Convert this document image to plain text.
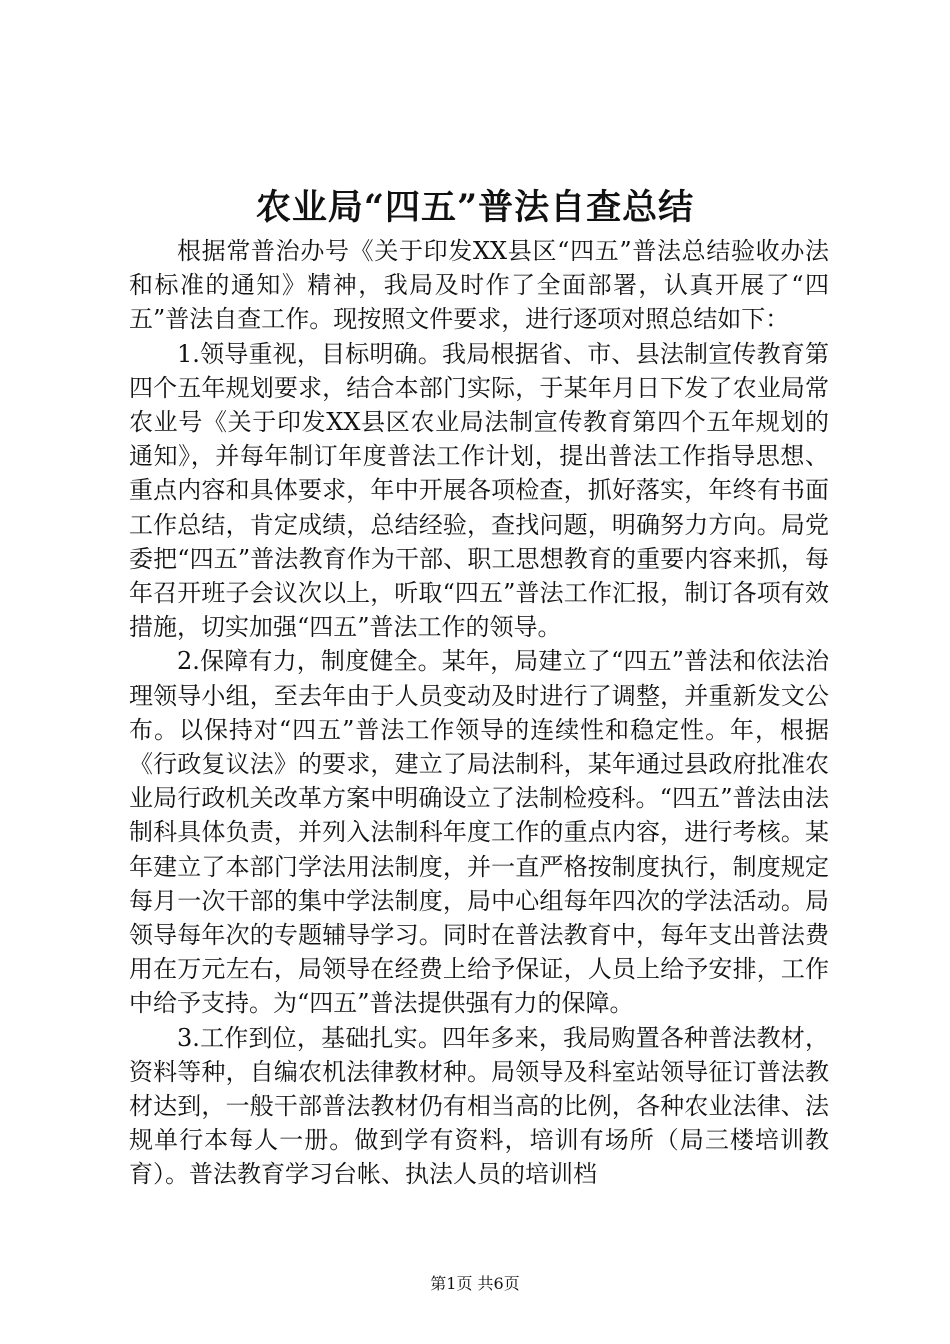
农业局“四五”普法自查总结

根据常普治办号《关于印发XX县区“四五”普法总结验收办法和标准的通知》精神，我局及时作了全面部署，认真开展了“四五”普法自查工作。现按照文件要求，进行逐项对照总结如下：

1.领导重视，目标明确。我局根据省、市、县法制宣传教育第四个五年规划要求，结合本部门实际，于某年月日下发了农业局常农业号《关于印发XX县区农业局法制宣传教育第四个五年规划的通知》，并每年制订年度普法工作计划，提出普法工作指导思想、重点内容和具体要求，年中开展各项检查，抓好落实，年终有书面工作总结，肯定成绩，总结经验，查找问题，明确努力方向。局党委把“四五”普法教育作为干部、职工思想教育的重要内容来抓，每年召开班子会议次以上，听取“四五”普法工作汇报，制订各项有效措施，切实加强“四五”普法工作的领导。

2.保障有力，制度健全。某年，局建立了“四五”普法和依法治理领导小组，至去年由于人员变动及时进行了调整，并重新发文公布。以保持对“四五”普法工作领导的连续性和稳定性。年，根据《行政复议法》的要求，建立了局法制科，某年通过县政府批准农业局行政机关改革方案中明确设立了法制检疫科。“四五”普法由法制科具体负责，并列入法制科年度工作的重点内容，进行考核。某年建立了本部门学法用法制度，并一直严格按制度执行，制度规定每月一次干部的集中学法制度，局中心组每年四次的学法活动。局领导每年次的专题辅导学习。同时在普法教育中，每年支出普法费用在万元左右，局领导在经费上给予保证，人员上给予安排，工作中给予支持。为“四五”普法提供强有力的保障。

3.工作到位，基础扎实。四年多来，我局购置各种普法教材，资料等种，自编农机法律教材种。局领导及科室站领导征订普法教材达到，一般干部普法教材仍有相当高的比例，各种农业法律、法规单行本每人一册。做到学有资料，培训有场所（局三楼培训教育）。普法教育学习台帐、执法人员的培训档

第1页 共6页
